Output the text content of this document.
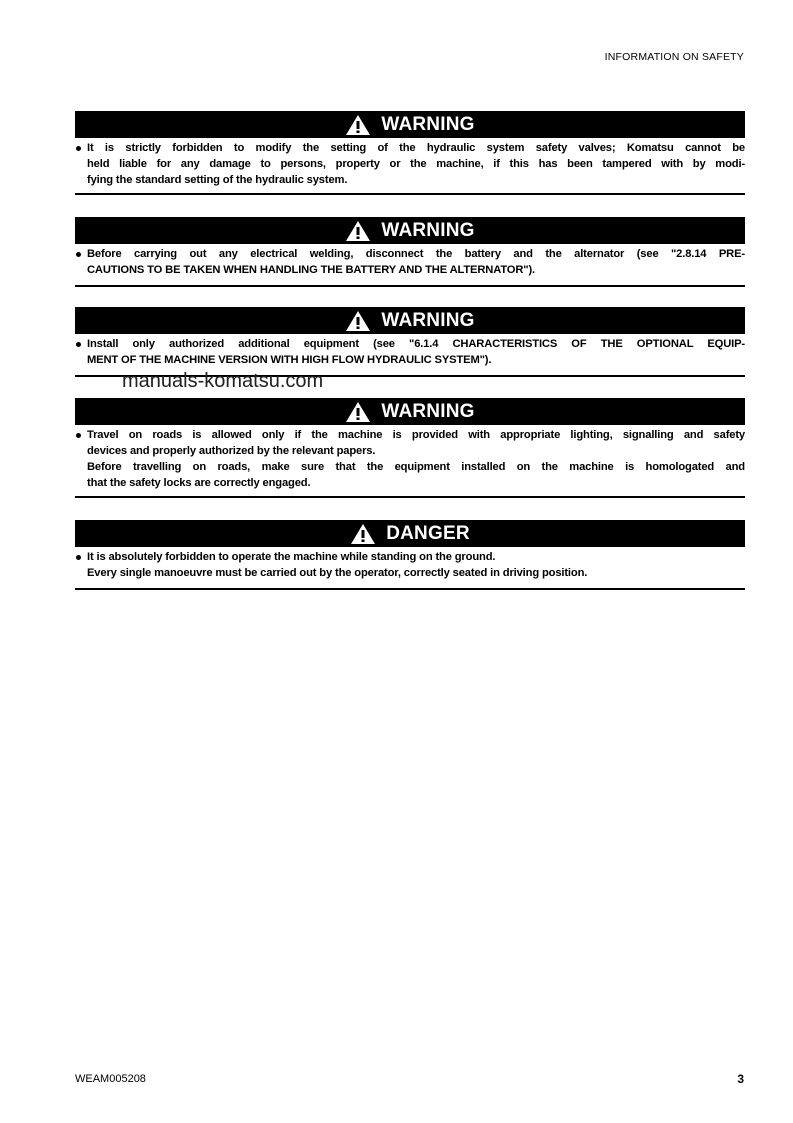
INFORMATION ON SAFETY
WARNING
It is strictly forbidden to modify the setting of the hydraulic system safety valves; Komatsu cannot be
held liable for any damage to persons, property or the machine, if this has been tampered with by modi-
fying the standard setting of the hydraulic system.
WARNING
Before carrying out any electrical welding, disconnect the battery and the alternator (see "2.8.14 PRE-
CAUTIONS TO BE TAKEN WHEN HANDLING THE BATTERY AND THE ALTERNATOR").
WARNING
Install only authorized additional equipment (see "6.1.4 CHARACTERISTICS OF THE OPTIONAL EQUIP-
MENT OF THE MACHINE VERSION WITH HIGH FLOW HYDRAULIC SYSTEM").
manuals-komatsu.com
WARNING
Travel on roads is allowed only if the machine is provided with appropriate lighting, signalling and safety
devices and properly authorized by the relevant papers.
Before travelling on roads, make sure that the equipment installed on the machine is homologated and
that the safety locks are correctly engaged.
DANGER
It is absolutely forbidden to operate the machine while standing on the ground.
Every single manoeuvre must be carried out by the operator, correctly seated in driving position.
WEAM005208	3
